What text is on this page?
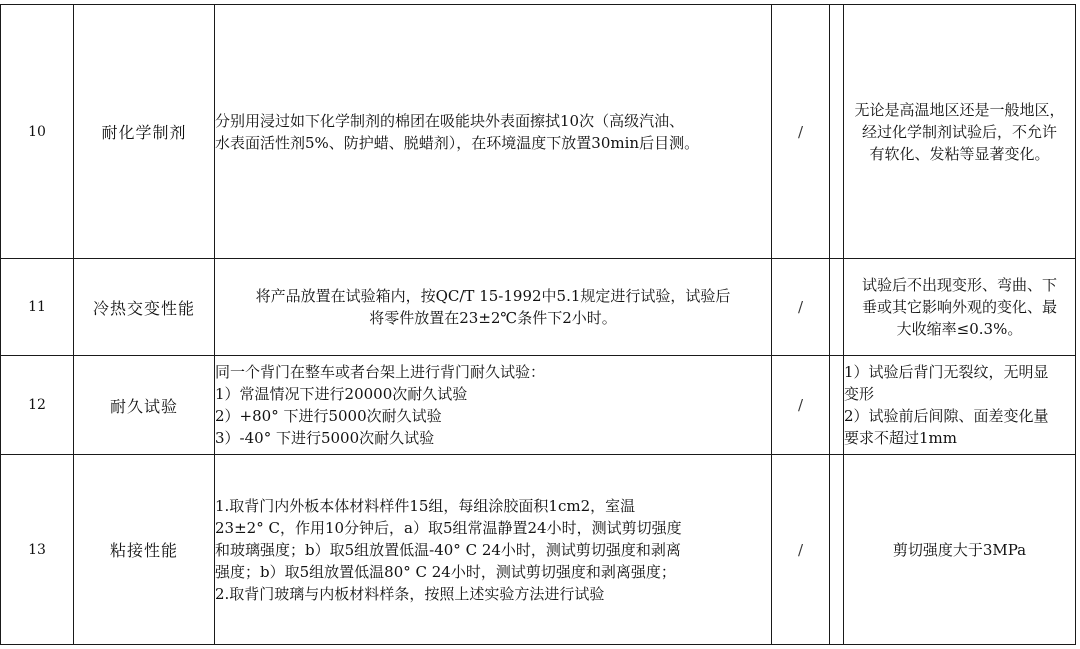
10	耐化学制剂	分别用浸过如下化学制剂的棉团在吸能块外表面擦拭10次（高级汽油、
水表面活性剂5%、防护蜡、脱蜡剂），在环境温度下放置30min后目测。	/		无论是高温地区还是一般地区，
经过化学制剂试验后，不允许
有软化、发粘等显著变化。

11	冷热交变性能	将产品放置在试验箱内，按QC/T 15-1992中5.1规定进行试验，试验后
将零件放置在23±2℃条件下2小时。	/		试验后不出现变形、弯曲、下
垂或其它影响外观的变化、最
大收缩率≤0.3%。

12	耐久试验	同一个背门在整车或者台架上进行背门耐久试验：
1）常温情况下进行20000次耐久试验
2）+80° 下进行5000次耐久试验
3）-40° 下进行5000次耐久试验	/		1）试验后背门无裂纹，无明显
变形
2）试验前后间隙、面差变化量
要求不超过1mm

13	粘接性能	1.取背门内外板本体材料样件15组，每组涂胶面积1cm2，室温
23±2° C，作用10分钟后，a）取5组常温静置24小时，测试剪切强度
和玻璃强度；b）取5组放置低温-40° C 24小时，测试剪切强度和剥离
强度；b）取5组放置低温80° C 24小时，测试剪切强度和剥离强度；
2.取背门玻璃与内板材料样条，按照上述实验方法进行试验	/		剪切强度大于3MPa
